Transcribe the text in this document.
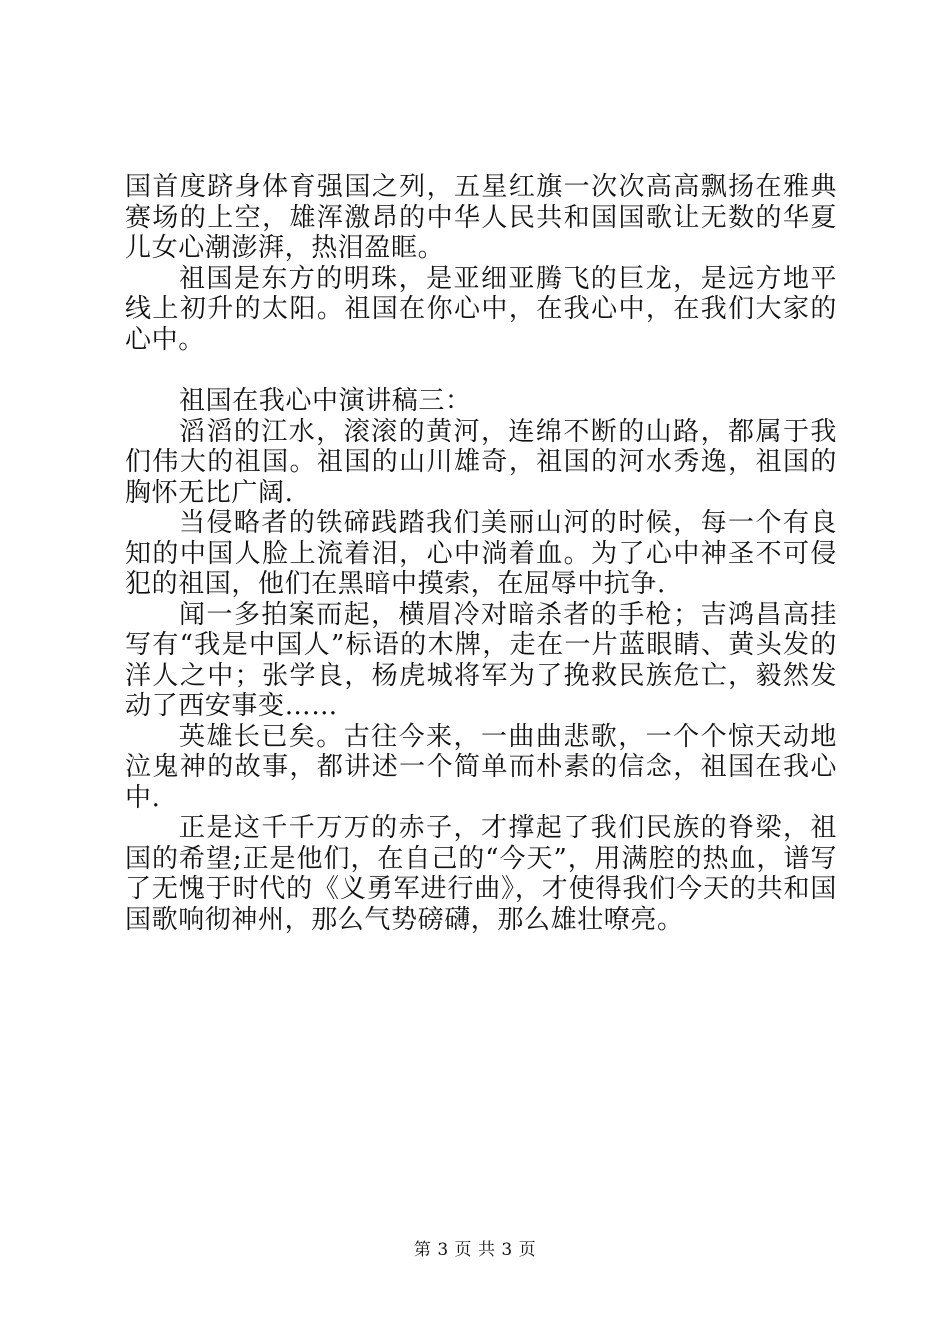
国首度跻身体育强国之列，五星红旗一次次高高飘扬在雅典赛场的上空，雄浑激昂的中华人民共和国国歌让无数的华夏儿女心潮澎湃，热泪盈眶。

祖国是东方的明珠，是亚细亚腾飞的巨龙，是远方地平线上初升的太阳。祖国在你心中，在我心中，在我们大家的心中。

祖国在我心中演讲稿三：

滔滔的江水，滚滚的黄河，连绵不断的山路，都属于我们伟大的祖国。祖国的山川雄奇，祖国的河水秀逸，祖国的胸怀无比广阔.

当侵略者的铁碲践踏我们美丽山河的时候，每一个有良知的中国人脸上流着泪，心中淌着血。为了心中神圣不可侵犯的祖国，他们在黑暗中摸索，在屈辱中抗争.

闻一多拍案而起，横眉冷对暗杀者的手枪；吉鸿昌高挂写有“我是中国人”标语的木牌，走在一片蓝眼睛、黄头发的洋人之中；张学良，杨虎城将军为了挽救民族危亡，毅然发动了西安事变……

英雄长已矣。古往今来，一曲曲悲歌，一个个惊天动地泣鬼神的故事，都讲述一个简单而朴素的信念，祖国在我心中.

正是这千千万万的赤子，才撑起了我们民族的脊梁，祖国的希望;正是他们，在自己的“今天”，用满腔的热血，谱写了无愧于时代的《义勇军进行曲》，才使得我们今天的共和国国歌响彻神州，那么气势磅礴，那么雄壮嘹亮。

第 3 页 共 3 页
